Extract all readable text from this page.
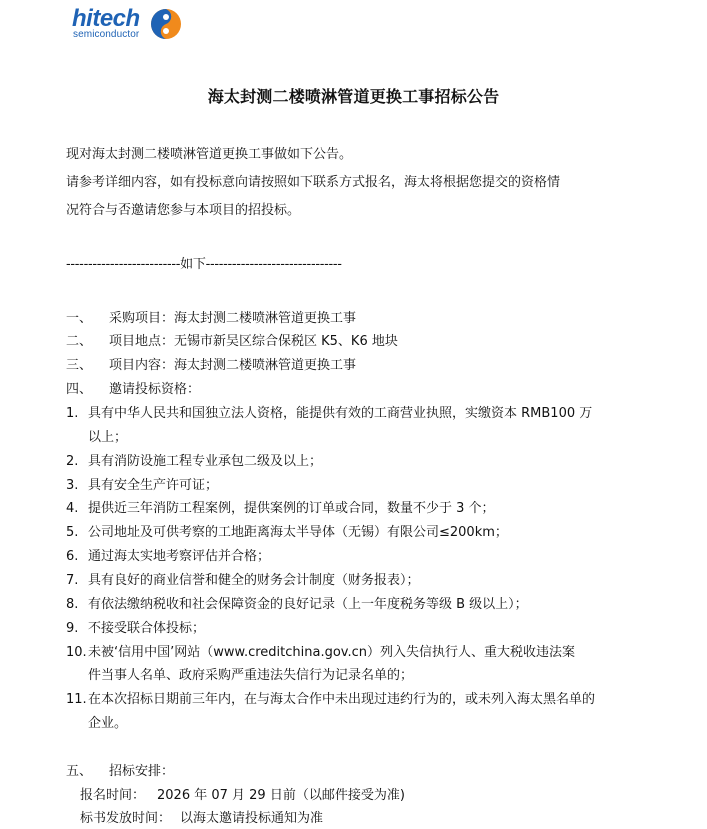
hitech
semiconductor
海太封测二楼喷淋管道更换工事招标公告
现对海太封测二楼喷淋管道更换工事做如下公告。
请参考详细内容，如有投标意向请按照如下联系方式报名，海太将根据您提交的资格情
况符合与否邀请您参与本项目的招投标。
--------------------------如下-------------------------------
一、 采购项目：海太封测二楼喷淋管道更换工事
二、 项目地点：无锡市新吴区综合保税区 K5、K6 地块
三、 项目内容：海太封测二楼喷淋管道更换工事
四、 邀请投标资格：
1. 具有中华人民共和国独立法人资格，能提供有效的工商营业执照，实缴资本 RMB100 万
以上；
2. 具有消防设施工程专业承包二级及以上；
3. 具有安全生产许可证；
4. 提供近三年消防工程案例，提供案例的订单或合同，数量不少于 3 个；
5. 公司地址及可供考察的工地距离海太半导体（无锡）有限公司≤200km；
6. 通过海太实地考察评估并合格；
7. 具有良好的商业信誉和健全的财务会计制度（财务报表）；
8. 有依法缴纳税收和社会保障资金的良好记录（上一年度税务等级 B 级以上）；
9. 不接受联合体投标；
10. 未被‘信用中国’网站（www.creditchina.gov.cn）列入失信执行人、重大税收违法案
件当事人名单、政府采购严重违法失信行为记录名单的；
11. 在本次招标日期前三年内，在与海太合作中未出现过违约行为的，或未列入海太黑名单的
企业。
五、 招标安排：
报名时间： 2026 年 07 月 29 日前（以邮件接受为准)
标书发放时间： 以海太邀请投标通知为准
